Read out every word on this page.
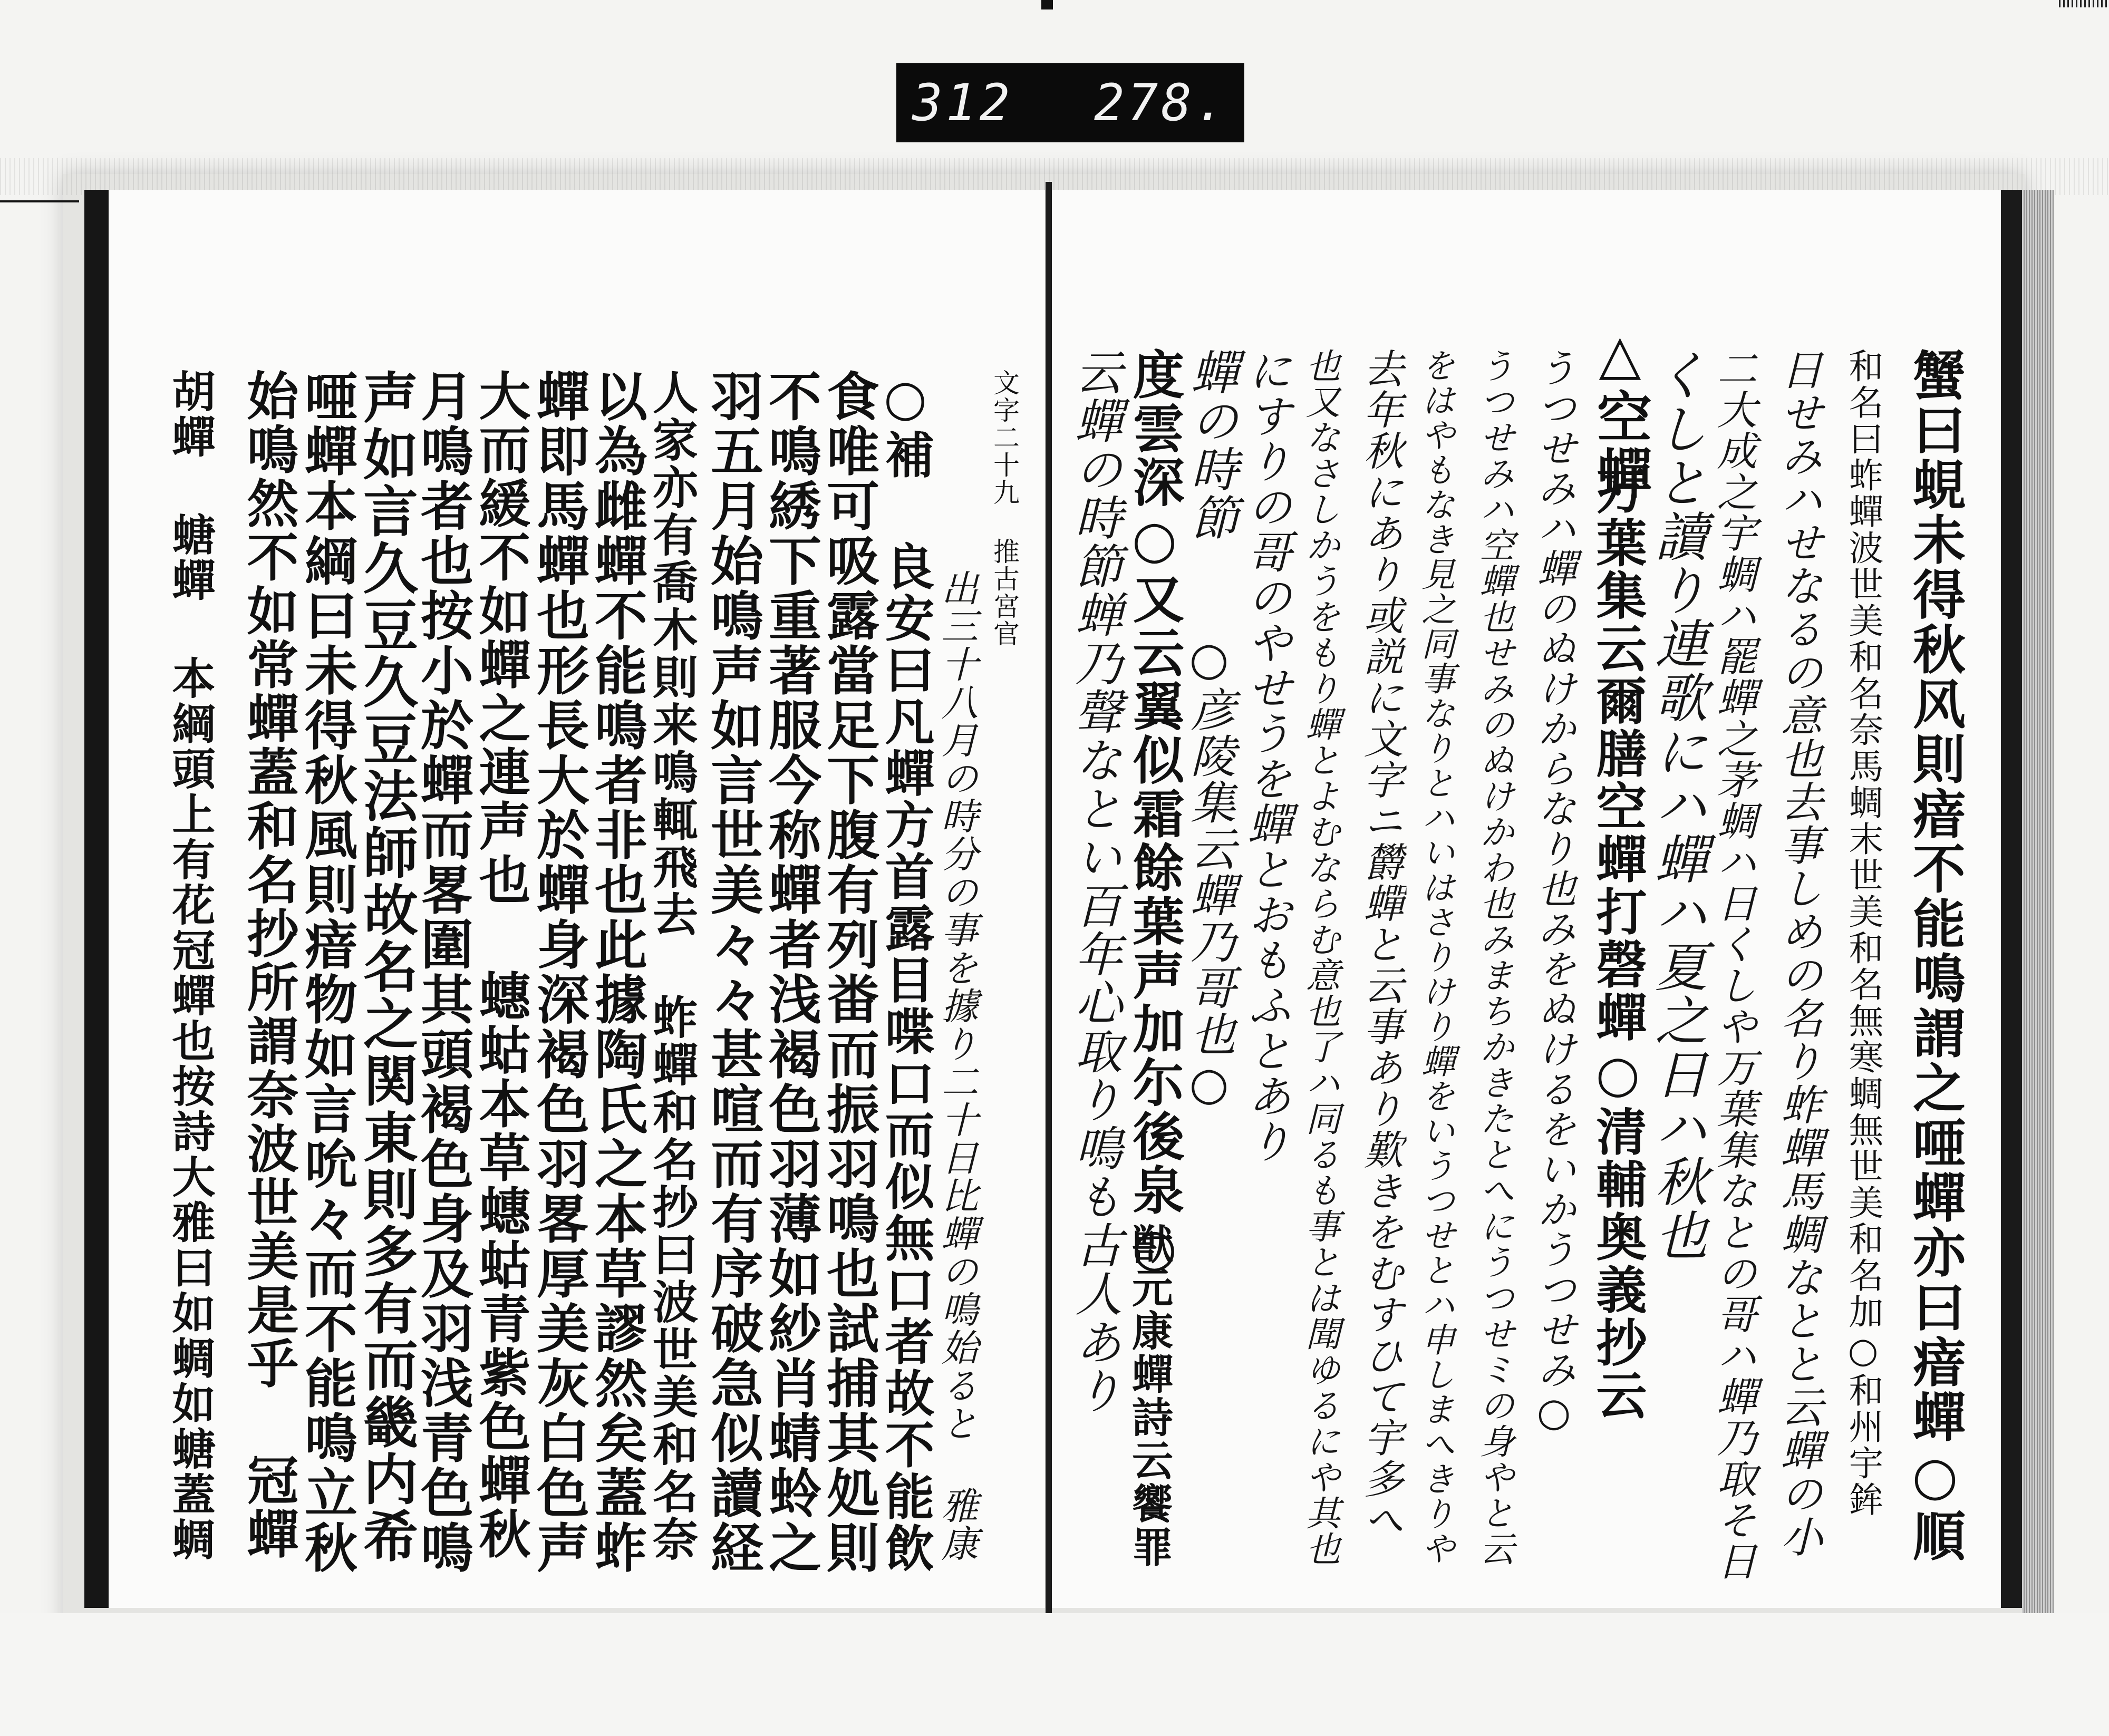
312 278.
蟹曰蜆未得秋风則瘖不能鳴謂之唖蟬亦曰瘖蟬○順
和名曰蚱蟬波世美和名奈馬蜩末世美和名無寒蜩無世美和名加○和州宇鉾
日せみハせなるの意也去事しめの名り蚱蟬馬蜩なとと云蟬の小
二大成之宇蜩ハ罷蟬之茅蜩ハ日くしや万葉集なとの哥ハ蟬乃取そ日
くしと讀り連歌にハ蟬ハ夏之日ハ秋也
△空蟬
うつせみハ蟬のぬけからなり也みをぬけるをいかうつせみ○ 万葉集云爾膳空蟬打磬蟬○清輔奥義抄云
うつせみハ空蟬也せみのぬけかわ也みまちかきたとへにうつせミの身やと云
をはやもなき見之同事なりとハいはさりけり蟬をいうつせとハ申しまへきりや
去年秋にあり或説に文字ニ欝蟬と云事あり歎きをむすひて宇多へ
也又なさしかうをもり蟬とよむならむ意也了ハ同るも事とは聞ゆるにや其也
にすりの哥のやせうを蟬とおもふとあり
蟬の時節
○彦陵集云蟬乃哥也○
度雲深○又云翼似霜餘葉声加尓後泉○
獣元康蟬詩云饗罪
云蟬の時節蝉乃聲なとい百年心取り鳴も古人あり
文字二十九 推古宮官
出三十八月の時分の事を據り二十日比蟬の鳴始ると 雅康
○補 良安曰凡蟬方首露目喋口而似無口者故不能飲
食唯可吸露當足下腹有列畨而振羽鳴也試捕其処則
不鳴綉下重著服今称蟬者浅褐色羽薄如紗肖蜻蛉之
羽五月始鳴声如言世美々々甚喧而有序破急似讀経
人家亦有喬木則来鳴輒飛去 蚱蟬和名抄曰波世美和名奈
以為雌蟬不能鳴者非也此據陶氏之本草謬然矣蓋蚱
蟬即馬蟬也形長大於蟬身深褐色羽畧厚美灰白色声
大而緩不如蟬之連声也 蟪蛄本草蟪蛄青紫色蟬秋
月鳴者也按小於蟬而畧圍其頭褐色身及羽浅青色鳴
声如言久豆久豆法師故名之関東則多有而畿内希
唖蟬本綱曰未得秋風則瘖物如言吮々而不能鳴立秋
始鳴然不如常蟬蓋和名抄所謂奈波世美是乎 冠蟬
胡蟬 螗蟬 本綱頭上有花冠蟬也按詩大雅曰如蜩如螗蓋蜩
